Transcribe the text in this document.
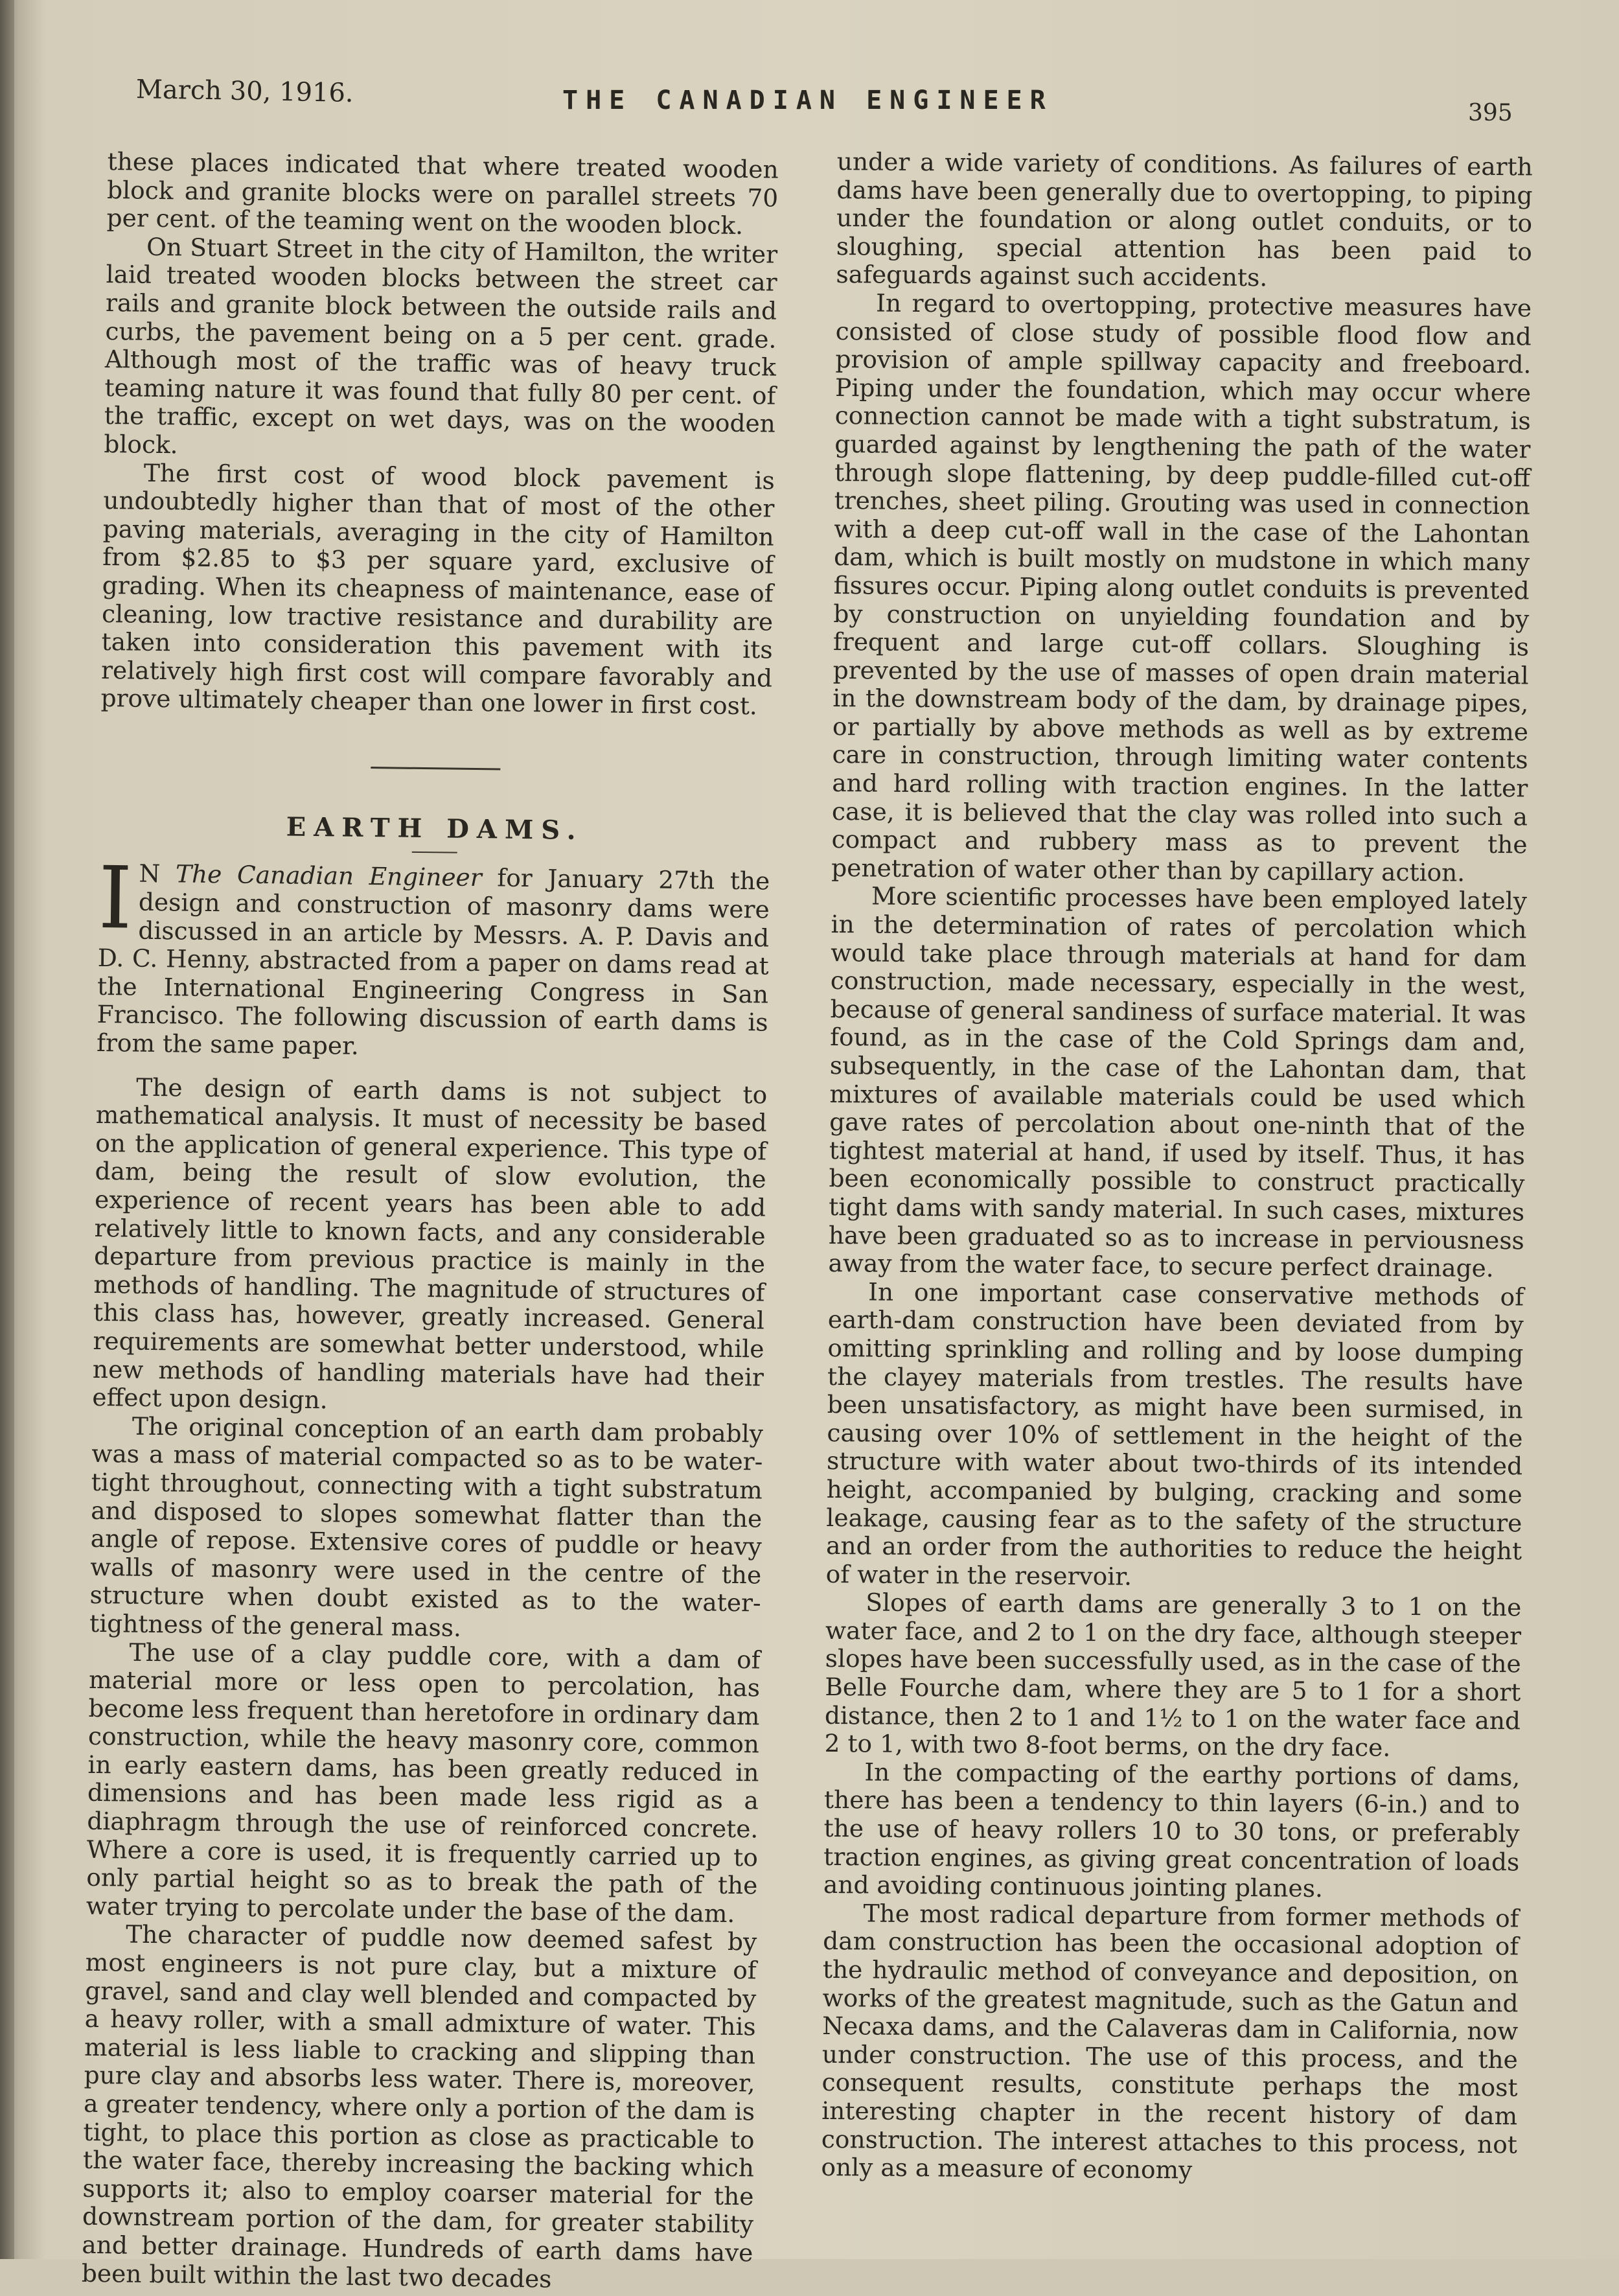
March 30, 1916.	THE CANADIAN ENGINEER	395

these places indicated that where treated wooden block and granite blocks were on parallel streets 70 per cent. of the teaming went on the wooden block.

On Stuart Street in the city of Hamilton, the writer laid treated wooden blocks between the street car rails and granite block between the outside rails and curbs, the pavement being on a 5 per cent. grade. Although most of the traffic was of heavy truck teaming nature it was found that fully 80 per cent. of the traffic, except on wet days, was on the wooden block.

The first cost of wood block pavement is undoubtedly higher than that of most of the other paving materials, averaging in the city of Hamilton from $2.85 to $3 per square yard, exclusive of grading. When its cheapness of maintenance, ease of cleaning, low tractive resistance and durability are taken into consideration this pavement with its relatively high first cost will compare favorably and prove ultimately cheaper than one lower in first cost.

EARTH DAMS.

I N The Canadian Engineer for January 27th the design and construction of masonry dams were discussed in an article by Messrs. A. P. Davis and D. C. Henny, abstracted from a paper on dams read at the International Engineering Congress in San Francisco. The following discussion of earth dams is from the same paper.

The design of earth dams is not subject to mathematical analysis. It must of necessity be based on the application of general experience. This type of dam, being the result of slow evolution, the experience of recent years has been able to add relatively little to known facts, and any considerable departure from previous practice is mainly in the methods of handling. The magnitude of structures of this class has, however, greatly increased. General requirements are somewhat better understood, while new methods of handling materials have had their effect upon design.

The original conception of an earth dam probably was a mass of material compacted so as to be water-tight throughout, connecting with a tight substratum and disposed to slopes somewhat flatter than the angle of repose. Extensive cores of puddle or heavy walls of masonry were used in the centre of the structure when doubt existed as to the water-tightness of the general mass.

The use of a clay puddle core, with a dam of material more or less open to percolation, has become less frequent than heretofore in ordinary dam construction, while the heavy masonry core, common in early eastern dams, has been greatly reduced in dimensions and has been made less rigid as a diaphragm through the use of reinforced concrete. Where a core is used, it is frequently carried up to only partial height so as to break the path of the water trying to percolate under the base of the dam.

The character of puddle now deemed safest by most engineers is not pure clay, but a mixture of gravel, sand and clay well blended and compacted by a heavy roller, with a small admixture of water. This material is less liable to cracking and slipping than pure clay and absorbs less water. There is, moreover, a greater tendency, where only a portion of the dam is tight, to place this portion as close as practicable to the water face, thereby increasing the backing which supports it; also to employ coarser material for the downstream portion of the dam, for greater stability and better drainage. Hundreds of earth dams have been built within the last two decades

under a wide variety of conditions. As failures of earth dams have been generally due to overtopping, to piping under the foundation or along outlet conduits, or to sloughing, special attention has been paid to safeguards against such accidents.

In regard to overtopping, protective measures have consisted of close study of possible flood flow and provision of ample spillway capacity and freeboard. Piping under the foundation, which may occur where connection cannot be made with a tight substratum, is guarded against by lengthening the path of the water through slope flattening, by deep puddle-filled cut-off trenches, sheet piling. Grouting was used in connection with a deep cut-off wall in the case of the Lahontan dam, which is built mostly on mudstone in which many fissures occur. Piping along outlet conduits is prevented by construction on unyielding foundation and by frequent and large cut-off collars. Sloughing is prevented by the use of masses of open drain material in the downstream body of the dam, by drainage pipes, or partially by above methods as well as by extreme care in construction, through limiting water contents and hard rolling with traction engines. In the latter case, it is believed that the clay was rolled into such a compact and rubbery mass as to prevent the penetration of water other than by capillary action.

More scientific processes have been employed lately in the determination of rates of percolation which would take place through materials at hand for dam construction, made necessary, especially in the west, because of general sandiness of surface material. It was found, as in the case of the Cold Springs dam and, subsequently, in the case of the Lahontan dam, that mixtures of available materials could be used which gave rates of percolation about one-ninth that of the tightest material at hand, if used by itself. Thus, it has been economically possible to construct practically tight dams with sandy material. In such cases, mixtures have been graduated so as to increase in perviousness away from the water face, to secure perfect drainage.

In one important case conservative methods of earth-dam construction have been deviated from by omitting sprinkling and rolling and by loose dumping the clayey materials from trestles. The results have been unsatisfactory, as might have been surmised, in causing over 10% of settlement in the height of the structure with water about two-thirds of its intended height, accompanied by bulging, cracking and some leakage, causing fear as to the safety of the structure and an order from the authorities to reduce the height of water in the reservoir.

Slopes of earth dams are generally 3 to 1 on the water face, and 2 to 1 on the dry face, although steeper slopes have been successfully used, as in the case of the Belle Fourche dam, where they are 5 to 1 for a short distance, then 2 to 1 and 1½ to 1 on the water face and 2 to 1, with two 8-foot berms, on the dry face.

In the compacting of the earthy portions of dams, there has been a tendency to thin layers (6-in.) and to the use of heavy rollers 10 to 30 tons, or preferably traction engines, as giving great concentration of loads and avoiding continuous jointing planes.

The most radical departure from former methods of dam construction has been the occasional adoption of the hydraulic method of conveyance and deposition, on works of the greatest magnitude, such as the Gatun and Necaxa dams, and the Calaveras dam in California, now under construction. The use of this process, and the consequent results, constitute perhaps the most interesting chapter in the recent history of dam construction. The interest attaches to this process, not only as a measure of economy
